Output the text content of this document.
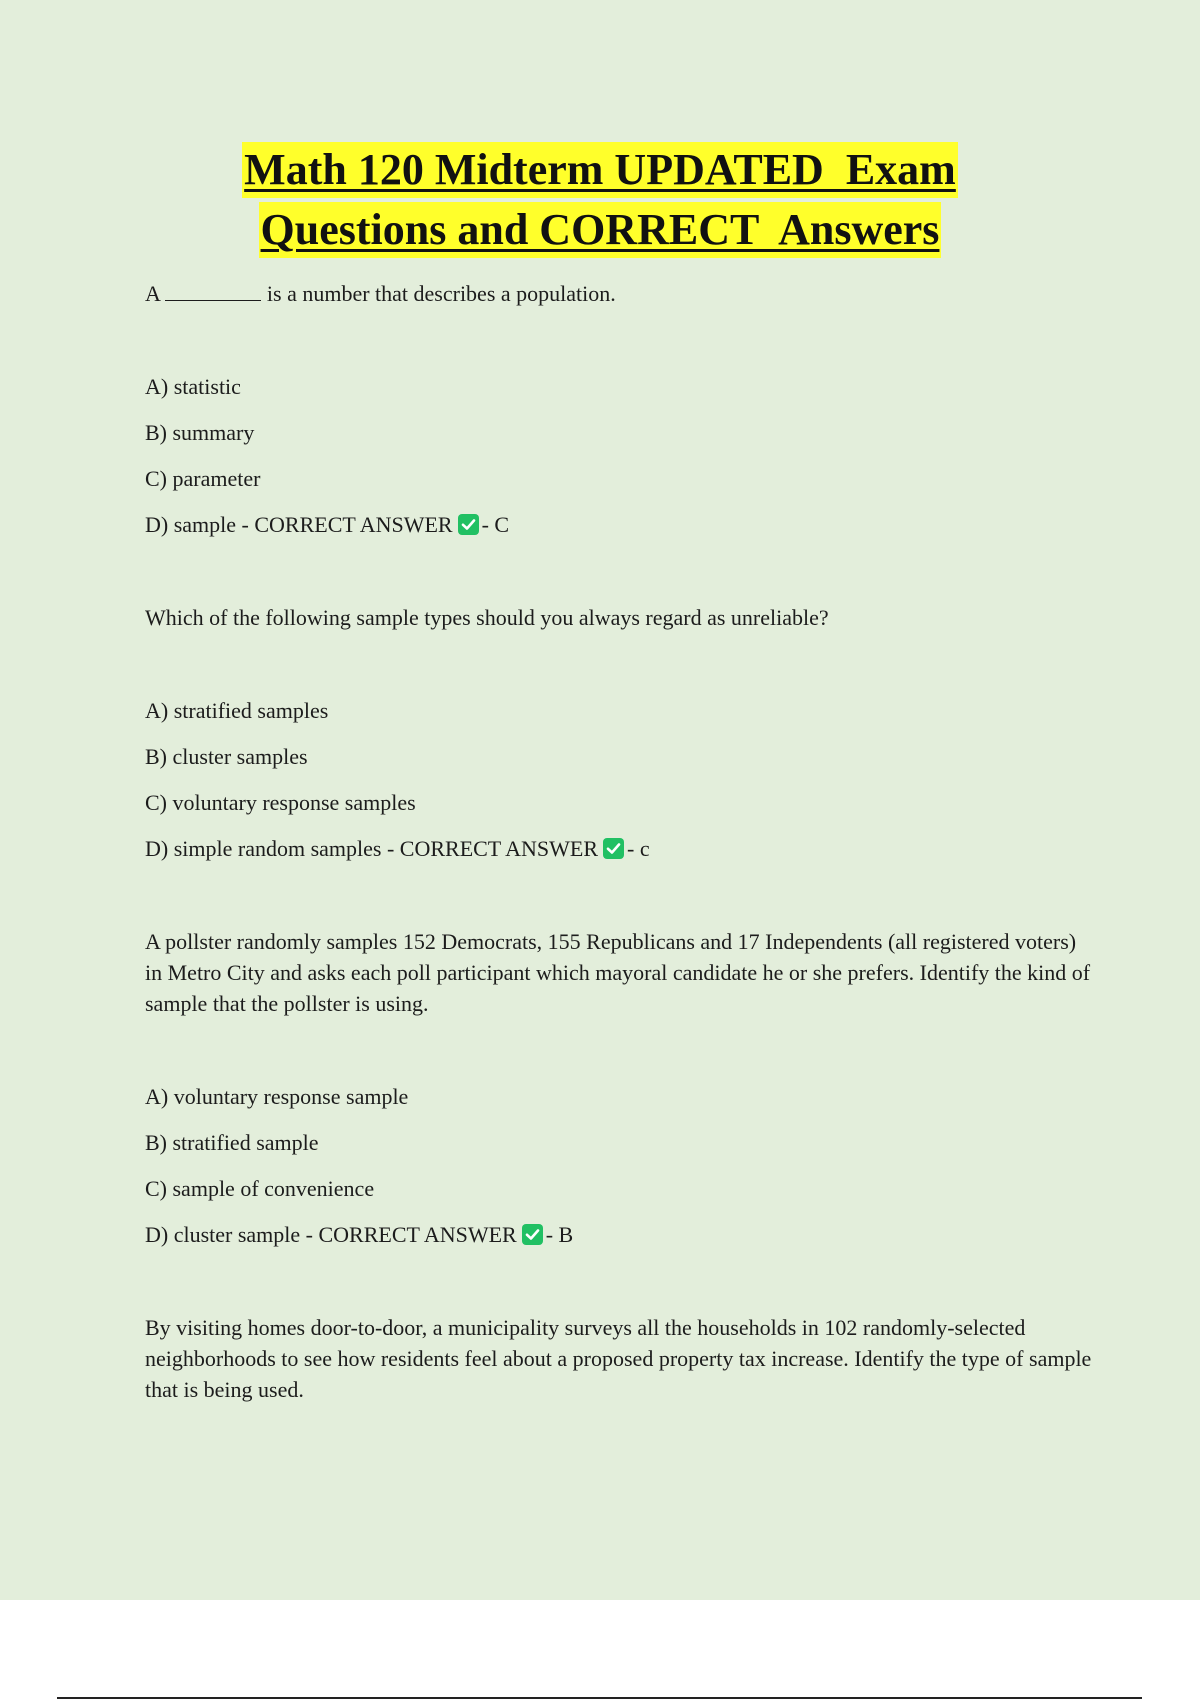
Math 120 Midterm UPDATED  Exam
Questions and CORRECT  Answers
A	is a number that describes a population.
A) statistic
B) summary
C) parameter
D) sample - CORRECT ANSWER - C
Which of the following sample types should you always regard as unreliable?
A) stratified samples
B) cluster samples
C) voluntary response samples
D) simple random samples - CORRECT ANSWER - c
A pollster randomly samples 152 Democrats, 155 Republicans and 17 Independents (all registered voters) in Metro City and asks each poll participant which mayoral candidate he or she prefers. Identify the kind of sample that the pollster is using.
A) voluntary response sample
B) stratified sample
C) sample of convenience
D) cluster sample - CORRECT ANSWER - B
By visiting homes door-to-door, a municipality surveys all the households in 102 randomly-selected neighborhoods to see how residents feel about a proposed property tax increase. Identify the type of sample that is being used.
